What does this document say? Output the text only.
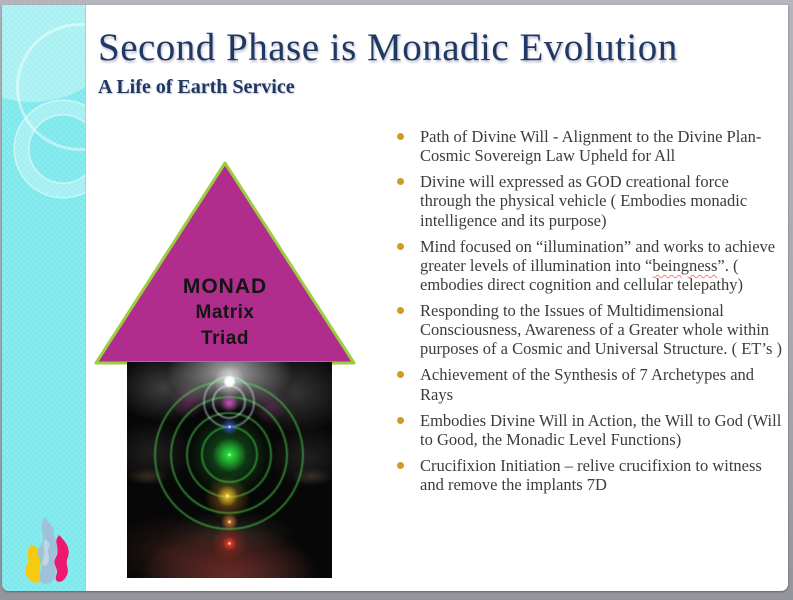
Second Phase is Monadic Evolution
A Life of Earth Service
MONAD
Matrix
Triad
Path of Divine Will - Alignment to the Divine Plan-Cosmic Sovereign Law Upheld for All
Divine will expressed as GOD creational force through the physical vehicle ( Embodies monadic intelligence and its purpose)
Mind focused on “illumination” and works to achieve greater levels of illumination into “beingness”. ( embodies direct cognition and cellular telepathy)
Responding to the Issues of Multidimensional Consciousness, Awareness of a Greater whole within purposes of a Cosmic and Universal Structure. ( ET’s )
Achievement of the Synthesis of 7 Archetypes and Rays
Embodies Divine Will in Action, the Will to God (Will to Good, the Monadic Level Functions)
Crucifixion Initiation – relive crucifixion to witness and remove the implants 7D
